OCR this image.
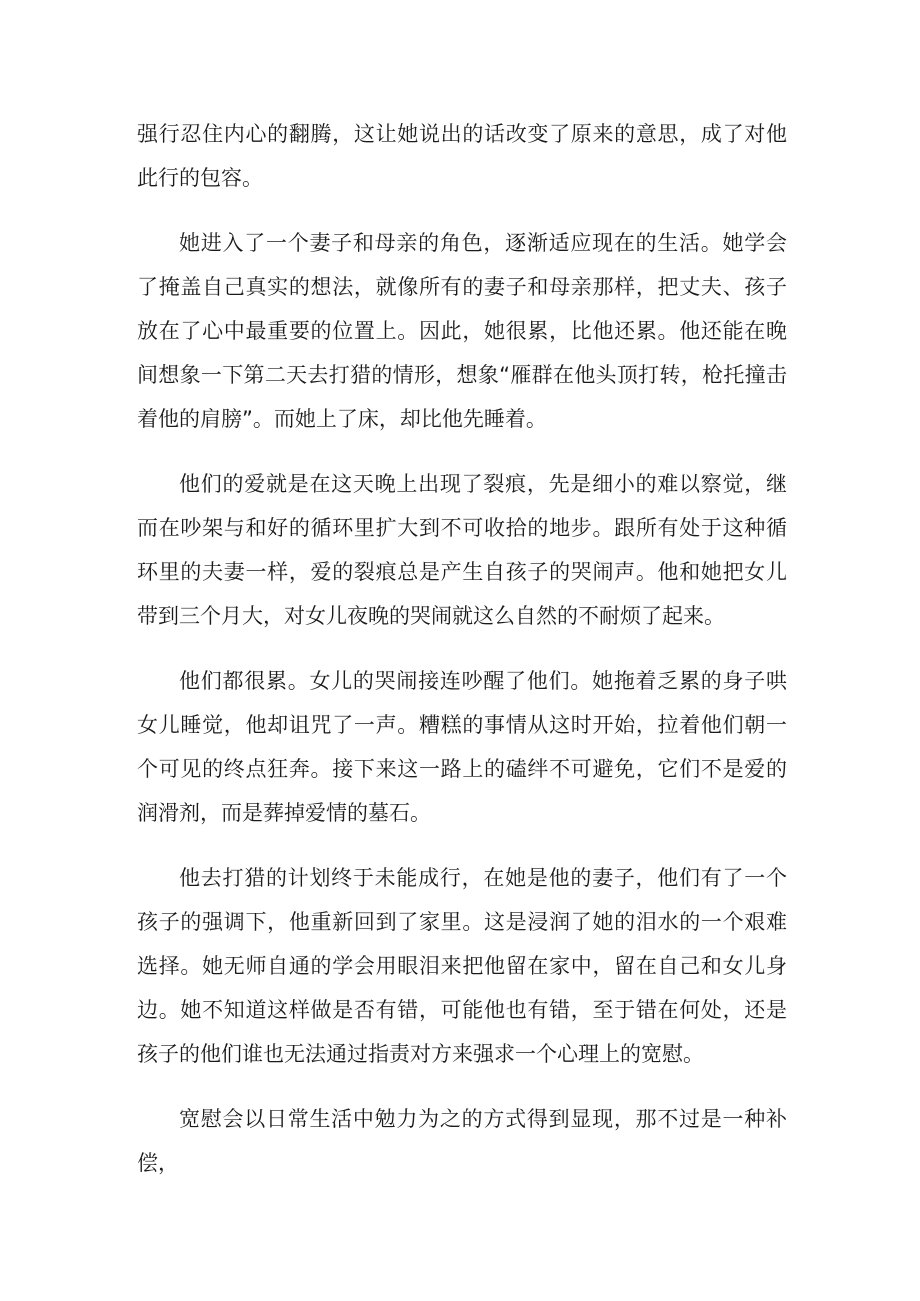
强行忍住内心的翻腾，这让她说出的话改变了原来的意思，成了对他此行的包容。

她进入了一个妻子和母亲的角色，逐渐适应现在的生活。她学会了掩盖自己真实的想法，就像所有的妻子和母亲那样，把丈夫、孩子放在了心中最重要的位置上。因此，她很累，比他还累。他还能在晚间想象一下第二天去打猎的情形，想象“雁群在他头顶打转，枪托撞击着他的肩膀”。而她上了床，却比他先睡着。

他们的爱就是在这天晚上出现了裂痕，先是细小的难以察觉，继而在吵架与和好的循环里扩大到不可收拾的地步。跟所有处于这种循环里的夫妻一样，爱的裂痕总是产生自孩子的哭闹声。他和她把女儿带到三个月大，对女儿夜晚的哭闹就这么自然的不耐烦了起来。

他们都很累。女儿的哭闹接连吵醒了他们。她拖着乏累的身子哄女儿睡觉，他却诅咒了一声。糟糕的事情从这时开始，拉着他们朝一个可见的终点狂奔。接下来这一路上的磕绊不可避免，它们不是爱的润滑剂，而是葬掉爱情的墓石。

他去打猎的计划终于未能成行，在她是他的妻子，他们有了一个孩子的强调下，他重新回到了家里。这是浸润了她的泪水的一个艰难选择。她无师自通的学会用眼泪来把他留在家中，留在自己和女儿身边。她不知道这样做是否有错，可能他也有错，至于错在何处，还是孩子的他们谁也无法通过指责对方来强求一个心理上的宽慰。

宽慰会以日常生活中勉力为之的方式得到显现，那不过是一种补偿，
